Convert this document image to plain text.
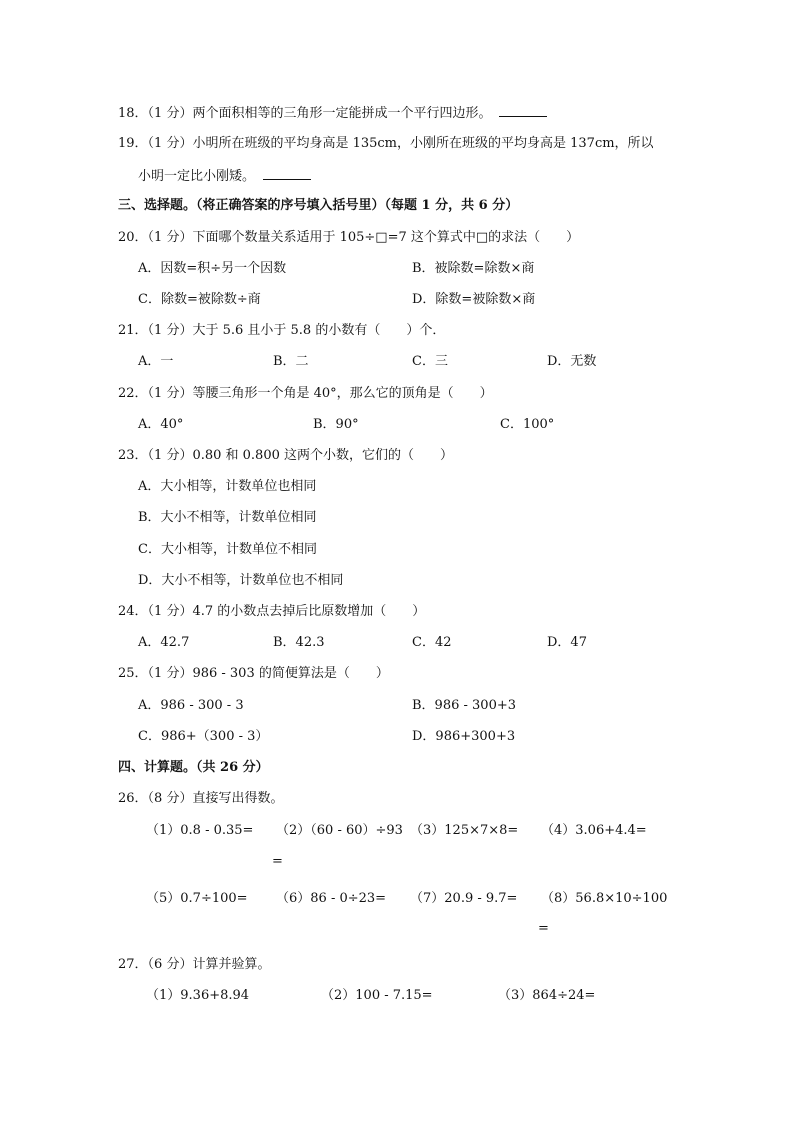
18．（1 分）两个面积相等的三角形一定能拼成一个平行四边形。
19．（1 分）小明所在班级的平均身高是 135cm，小刚所在班级的平均身高是 137cm，所以
小明一定比小刚矮。
三、选择题。（将正确答案的序号填入括号里）（每题 1 分，共 6 分）
20．（1 分）下面哪个数量关系适用于 105÷□=7 这个算式中□的求法（　　）
A．因数=积÷另一个因数	B．被除数=除数×商
C．除数=被除数÷商	D．除数=被除数×商
21．（1 分）大于 5.6 且小于 5.8 的小数有（　　）个．
A．一	B．二	C．三	D．无数
22．（1 分）等腰三角形一个角是 40°，那么它的顶角是（　　）
A．40°	B．90°	C．100°
23．（1 分）0.80 和 0.800 这两个小数，它们的（　　）
A．大小相等，计数单位也相同
B．大小不相等，计数单位相同
C．大小相等，计数单位不相同
D．大小不相等，计数单位也不相同
24．（1 分）4.7 的小数点去掉后比原数增加（　　）
A．42.7	B．42.3	C．42	D．47
25．（1 分）986 - 303 的简便算法是（　　）
A．986 - 300 - 3	B．986 - 300+3
C．986+（300 - 3）	D．986+300+3
四、计算题。（共 26 分）
26．（8 分）直接写出得数。
（1）0.8 - 0.35= （2）（60 - 60）÷93 （3）125×7×8= （4）3.06+4.4=
=
（5）0.7÷100= （6）86 - 0÷23= （7）20.9 - 9.7= （8）56.8×10÷100
=
27．（6 分）计算并验算。
（1）9.36+8.94	（2）100 - 7.15=	（3）864÷24=
